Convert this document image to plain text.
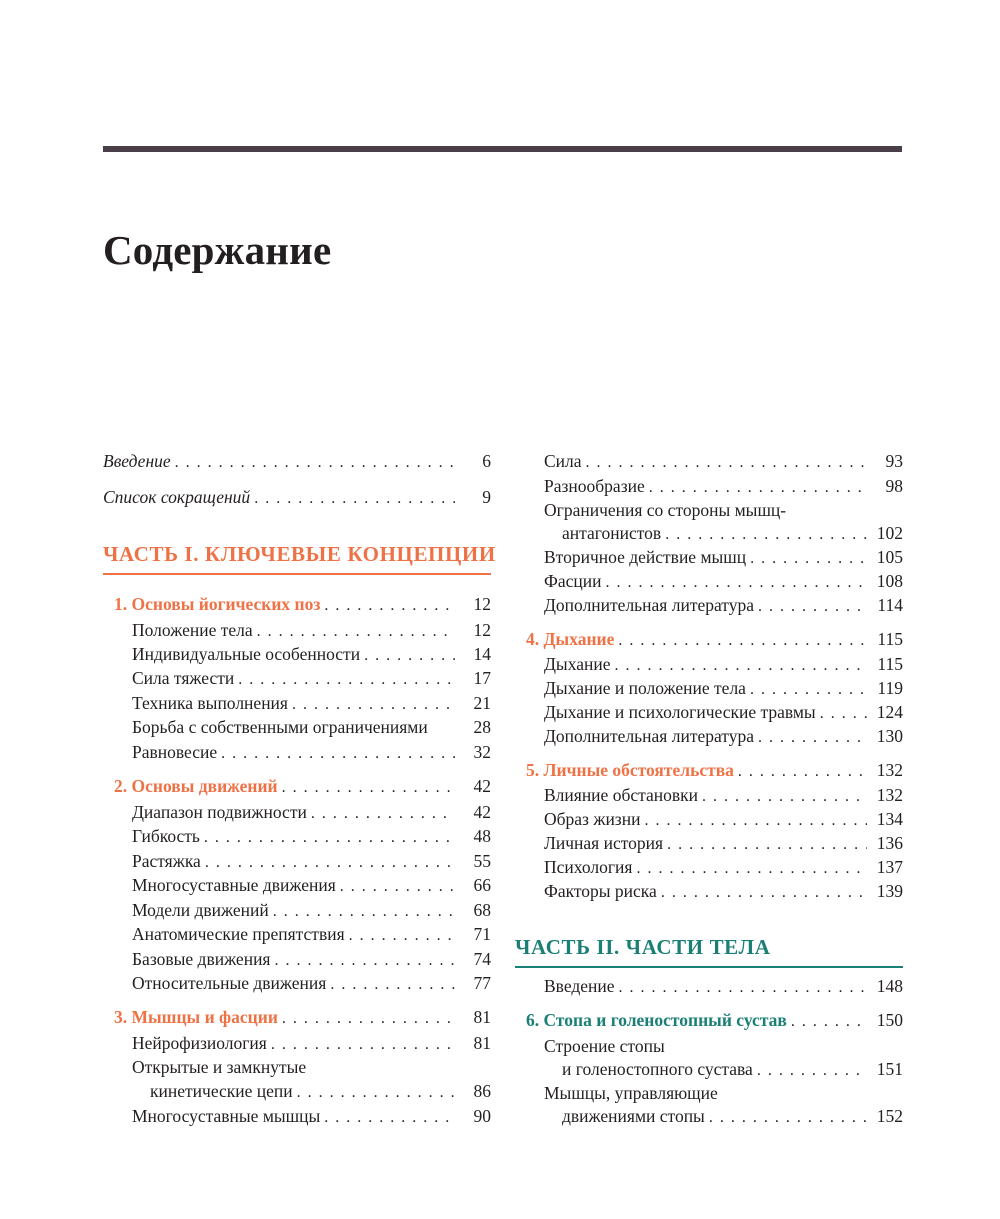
Содержание
Введение . . .	6
Список сокращений . . .	9
ЧАСТЬ I. КЛЮЧЕВЫЕ КОНЦЕПЦИИ
1. Основы йогических поз . . .	12
Положение тела . . .	12
Индивидуальные особенности . . .	14
Сила тяжести . . .	17
Техника выполнения . . .	21
Борьба с собственными ограничениями	28
Равновесие . . .	32
2. Основы движений . . .	42
Диапазон подвижности . . .	42
Гибкость . . .	48
Растяжка . . .	55
Многосуставные движения . . .	66
Модели движений . . .	68
Анатомические препятствия . . .	71
Базовые движения . . .	74
Относительные движения . . .	77
3. Мышцы и фасции . . .	81
Нейрофизиология . . .	81
Открытые и замкнутые
кинетические цепи . . .	86
Многосуставные мышцы . . .	90
Сила . . .	93
Разнообразие . . .	98
Ограничения со стороны мышц-
антагонистов . . .	102
Вторичное действие мышц . . .	105
Фасции . . .	108
Дополнительная литература . . .	114
4. Дыхание . . .	115
Дыхание . . .	115
Дыхание и положение тела . . .	119
Дыхание и психологические травмы . . .	124
Дополнительная литература . . .	130
5. Личные обстоятельства . . .	132
Влияние обстановки . . .	132
Образ жизни . . .	134
Личная история . . .	136
Психология . . .	137
Факторы риска . . .	139
ЧАСТЬ II. ЧАСТИ ТЕЛА
Введение . . .	148
6. Стопа и голеностопный сустав . . .	150
Строение стопы
и голеностопного сустава . . .	151
Мышцы, управляющие
движениями стопы . . .	152
